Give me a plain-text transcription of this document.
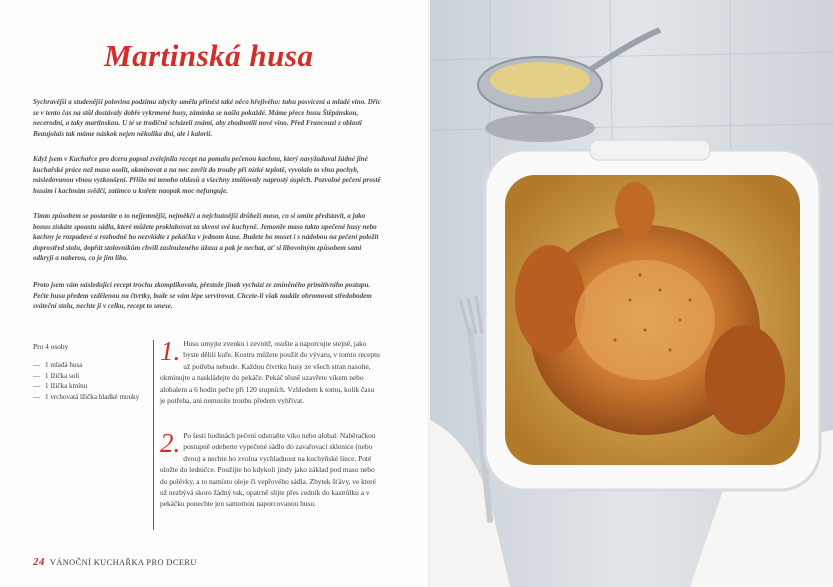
Martinská husa

Sychravější a studenější polovina podzimu zdycky uměla přinést také něco hřejivého: tuhu posvícení a mladé víno. Dříc se v tento čas na stůl dostávaly dobře vykrmené husy, zámínka se našla pokaždé. Máme přece husu Štěpánskou, necerodní, a taky martinskou. U té se tradičně scházeli známí, aby zhodnotili nové víno. Před Francouzi z oblasti Beaujolais tak máme náskok nejen několika dní, ale i kalorií.

Když jsem v Kuchařce pro dceru popsal zvelejnila recept na pomalu pečenou kachnu, který navyžaduval žádné jiné kuchařské práce než maso osolit, okmínovat a na noc zavřít do trouby při nízké teplotě, vyvolalo to vlnu pochyb, následovanou vlnou vyzkoušení. Přišlo mi mnoho ohlasů a všechny zmiňovaly naprostý úspěch. Pozvolné pečení prostě husám i kachnám svědčí, zatímco u kuřete naopak moc nefunguje.

Tímto způsobem se postaráte o to nejjemnější, nejměkčí a nejchutnější drůbeží maso, co si umíte představit, a jako bonus získáte spoustu sádla, které můžete proklalosvat za skvost své kuchyně. Jemonže maso takto upečené husy nebo kachny je rozpadavé a rozhodně ho nezvládte z pekáčku v jednom kuse. Budete ho muset i s nádobou na pečení položit doprostřed stolu, dopřát stolovníkům chvíli zaslouženého úžasu a pak je nechat, ať si libovolným způsobem sami odkryjí a naberou, co je jim libo.

Proto jsem vám následující recept trochu zkomplikovala, přestože jinak vychází ze zmíněného primitivního postupu. Pečte husu předem vzdělenou na čtvrtky, bude se vám lépe servírovat. Chcete-li však nadále ohromovat středobodem sváteční stolu, nechte ji v celku, recept to unese.

Pro 4 osoby
— 1 mladá husa
— 1 lžička soli
— 1 lžička kmínu
— 1 vrchovatá lžička hladké mouky
1. Husu umyjte zvenku i zevnitř, osušte a naporcujte stejně, jako byste dělili kuře. Kostru můžete použít do vývaru, v tomto receptu už potřeba nebude. Každou čtvrtku husy ze všech stran nasolte, okmínujte a naskládejte do pekáče. Pekáč těsně uzavřete víkem nebo alobalem a 6 hodin pečte při 120 stupních. Vzhledem k tomu, kolik času je potřeba, ani nemusíte troubu předem vyhřívat.

2. Po šesti hodinách pečení odstraňte víko nebo alobal. Naběračkou postupně odeberte vypečené sádlo do zavařovací sklenice (nebo dvou) a nechte ho zvolna vychladnout na kuchyňské lince. Poté uložte do ledničce. Použijte ho kdykoli jindy jako základ pod maso nebo do polévky, a to namísto oleje či vepřového sádla. Zbytek šťávy, ve které už nezbývá skoro žádný tuk, opatrně slijte přes cedník do kastrůlku a v pekáčku ponechte jen samotnou naporcovanou husu.

24 VÁNOČNÍ KUCHAŘKA PRO DCERU
